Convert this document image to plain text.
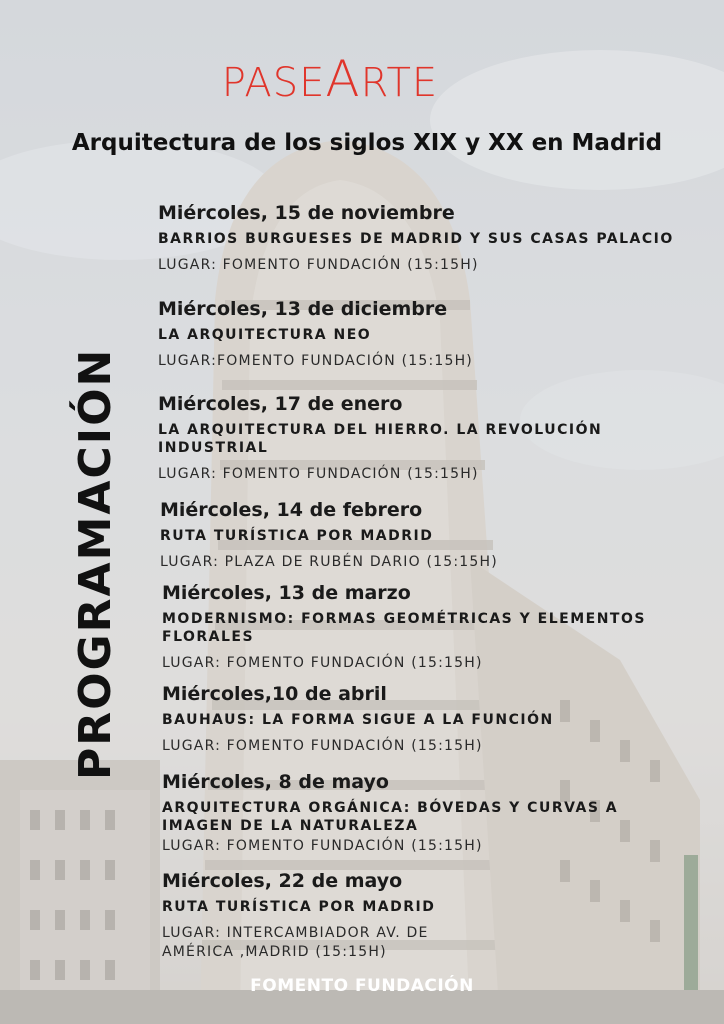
PASEARTE
Arquitectura de los siglos XIX y XX en Madrid
PROGRAMACIÓN
Miércoles, 15 de noviembre
BARRIOS BURGUESES DE MADRID Y SUS CASAS PALACIO
LUGAR: FOMENTO FUNDACIÓN (15:15H)
Miércoles, 13 de diciembre
LA ARQUITECTURA NEO
LUGAR:FOMENTO FUNDACIÓN (15:15H)
Miércoles, 17 de enero
LA ARQUITECTURA DEL HIERRO. LA REVOLUCIÓN INDUSTRIAL
LUGAR: FOMENTO FUNDACIÓN (15:15H)
Miércoles, 14 de febrero
RUTA TURÍSTICA POR MADRID
LUGAR: PLAZA DE RUBÉN DARIO (15:15H)
Miércoles, 13 de marzo
MODERNISMO: FORMAS GEOMÉTRICAS Y ELEMENTOS FLORALES
LUGAR: FOMENTO FUNDACIÓN (15:15H)
Miércoles,10 de abril
BAUHAUS: LA FORMA SIGUE A LA FUNCIÓN
LUGAR: FOMENTO FUNDACIÓN (15:15H)
Miércoles, 8 de mayo
ARQUITECTURA ORGÁNICA: BÓVEDAS Y CURVAS A IMAGEN DE LA NATURALEZA
LUGAR: FOMENTO FUNDACIÓN (15:15H)
Miércoles, 22 de mayo
RUTA TURÍSTICA POR MADRID
LUGAR: INTERCAMBIADOR AV. DE AMÉRICA ,MADRID (15:15H)
FOMENTO FUNDACIÓN
